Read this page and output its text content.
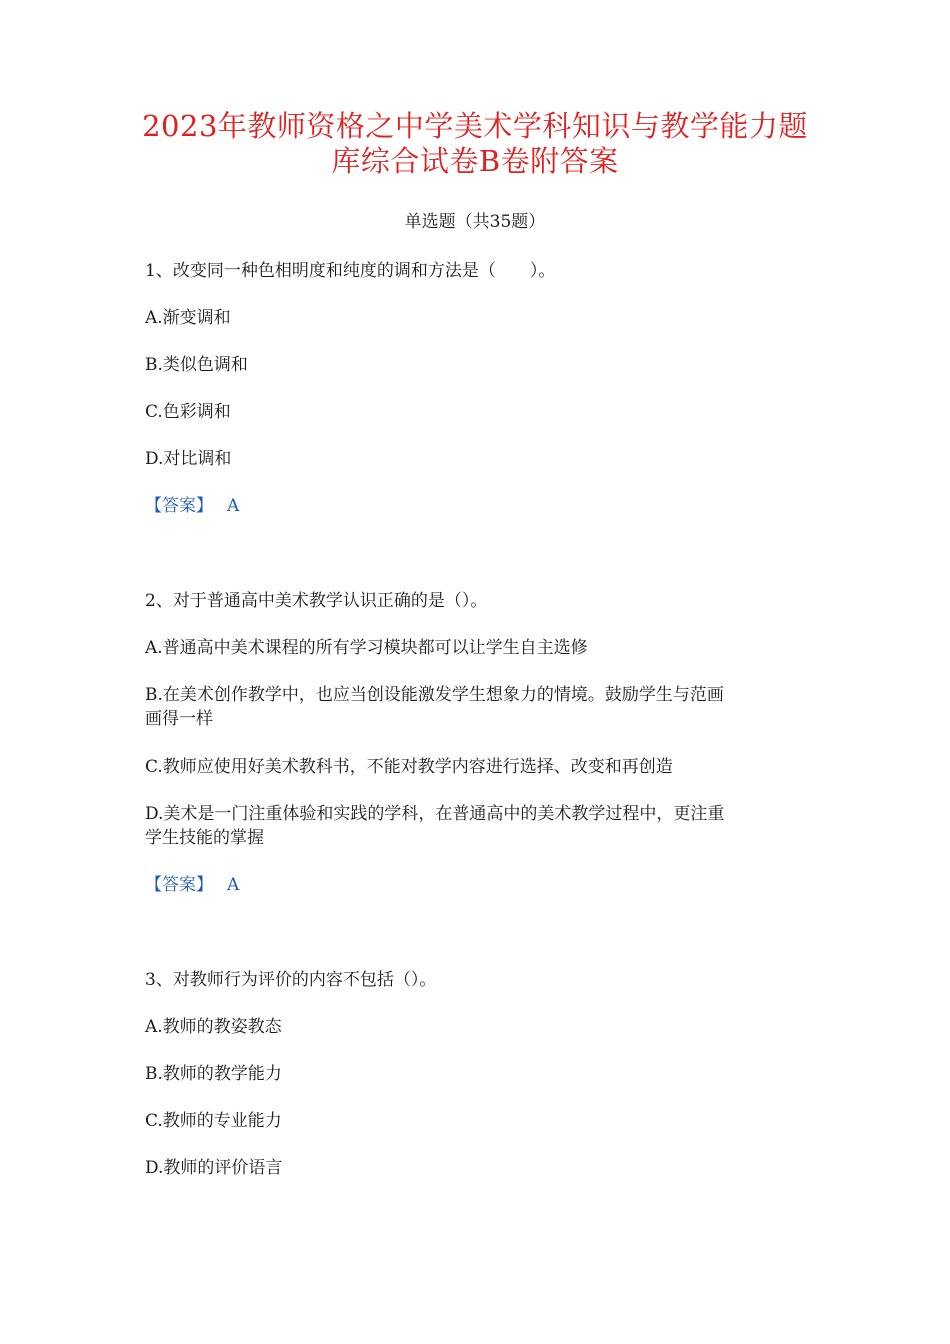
2023年教师资格之中学美术学科知识与教学能力题
库综合试卷B卷附答案
单选题（共35题）
1、改变同一种色相明度和纯度的调和方法是（　　）。
A.渐变调和
B.类似色调和
C.色彩调和
D.对比调和
【答案】 A
2、对于普通高中美术教学认识正确的是（）。
A.普通高中美术课程的所有学习模块都可以让学生自主选修
B.在美术创作教学中，也应当创设能激发学生想象力的情境。鼓励学生与范画
画得一样
C.教师应使用好美术教科书，不能对教学内容进行选择、改变和再创造
D.美术是一门注重体验和实践的学科，在普通高中的美术教学过程中，更注重
学生技能的掌握
【答案】 A
3、对教师行为评价的内容不包括（）。
A.教师的教姿教态
B.教师的教学能力
C.教师的专业能力
D.教师的评价语言
